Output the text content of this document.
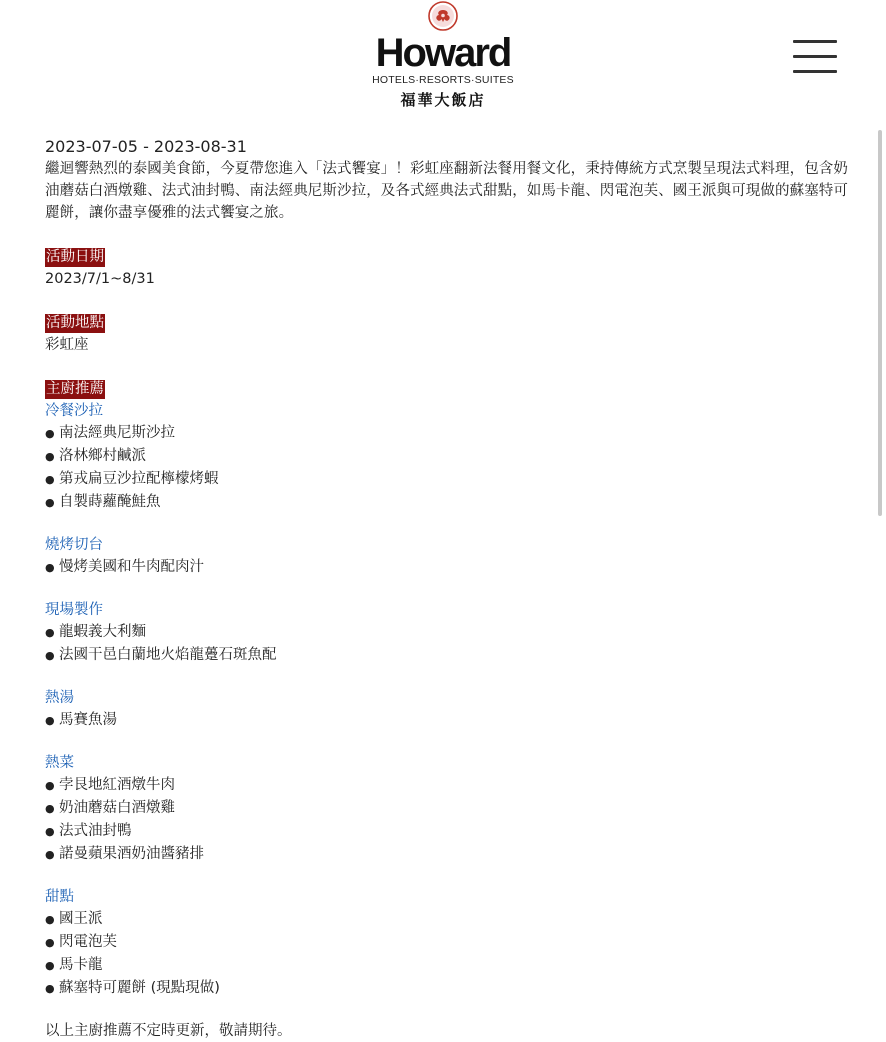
Howard
HOTELS·RESORTS·SUITES
福華大飯店
2023-07-05 - 2023-08-31

繼迴響熱烈的泰國美食節，今夏帶您進入「法式饗宴」！彩虹座翻新法餐用餐文化，秉持傳統方式烹製呈現法式料理，包含奶油蘑菇白酒燉雞、法式油封鴨、南法經典尼斯沙拉，及各式經典法式甜點，如馬卡龍、閃電泡芙、國王派與可現做的蘇塞特可麗餅，讓你盡享優雅的法式饗宴之旅。

活動日期
2023/7/1~8/31
活動地點
彩虹座
主廚推薦
冷餐沙拉
● 南法經典尼斯沙拉
● 洛林鄉村鹹派
● 第戎扁豆沙拉配檸檬烤蝦
● 自製蒔蘿醃鮭魚
燒烤切台
● 慢烤美國和牛肉配肉汁
現場製作
● 龍蝦義大利麵
● 法國干邑白蘭地火焰龍躉石斑魚配
熱湯
● 馬賽魚湯
熱菜
● 孛艮地紅酒燉牛肉
● 奶油蘑菇白酒燉雞
● 法式油封鴨
● 諾曼蘋果酒奶油醬豬排
甜點
● 國王派
● 閃電泡芙
● 馬卡龍
● 蘇塞特可麗餅 (現點現做)
以上主廚推薦不定時更新，敬請期待。
